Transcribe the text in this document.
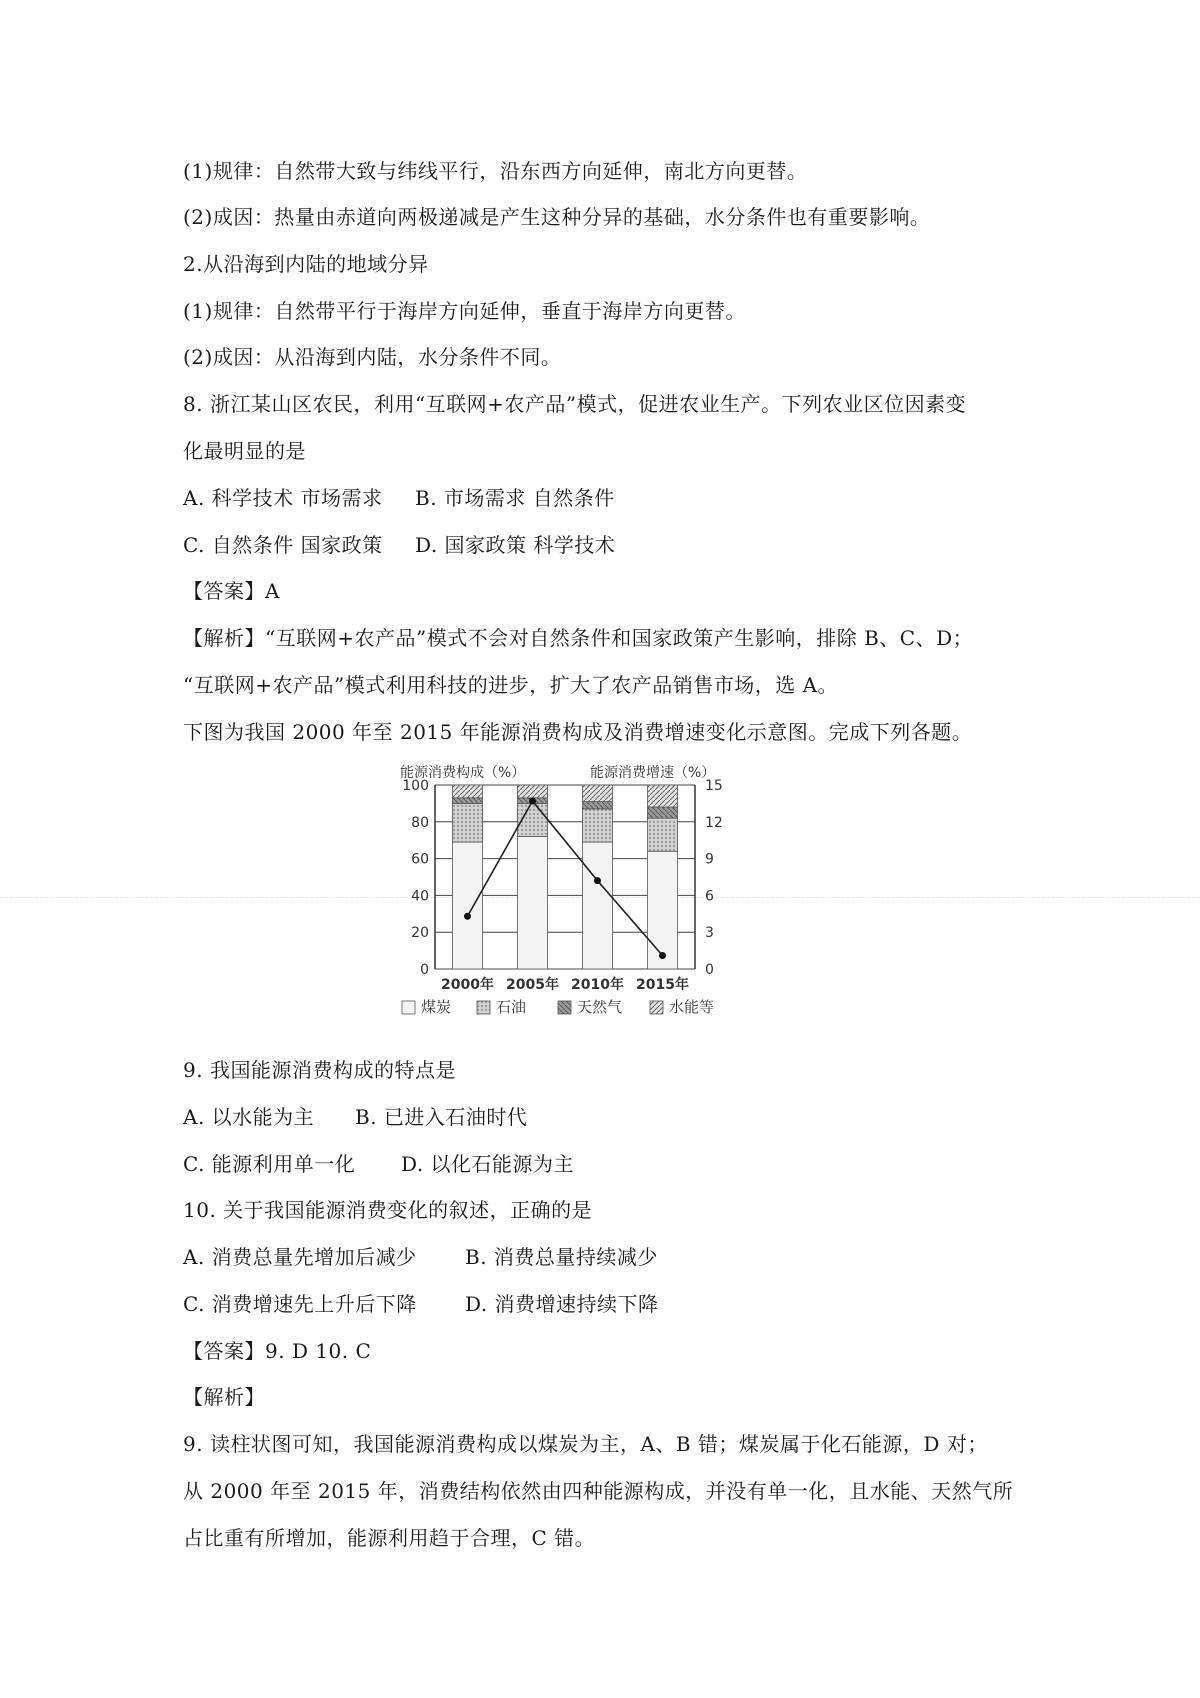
(1)规律：自然带大致与纬线平行，沿东西方向延伸，南北方向更替。
(2)成因：热量由赤道向两极递减是产生这种分异的基础，水分条件也有重要影响。
2.从沿海到内陆的地域分异
(1)规律：自然带平行于海岸方向延伸，垂直于海岸方向更替。
(2)成因：从沿海到内陆，水分条件不同。
8. 浙江某山区农民，利用“互联网+农产品”模式，促进农业生产。下列农业区位因素变
化最明显的是
A. 科学技术 市场需求 B. 市场需求 自然条件
C. 自然条件 国家政策 D. 国家政策 科学技术
【答案】A
【解析】“互联网+农产品”模式不会对自然条件和国家政策产生影响，排除 B、C、D；
“互联网+农产品”模式利用科技的进步，扩大了农产品销售市场，选 A。
下图为我国 2000 年至 2015 年能源消费构成及消费增速变化示意图。完成下列各题。
能源消费构成（%）	能源消费增速（%）
0
20
40
60
80
100
0
3
6
9
12
15
2000年 2005年 2010年 2015年
煤炭	石油	天然气	水能等
9. 我国能源消费构成的特点是
A. 以水能为主 B. 已进入石油时代
C. 能源利用单一化 D. 以化石能源为主
10. 关于我国能源消费变化的叙述，正确的是
A. 消费总量先增加后减少 B. 消费总量持续减少
C. 消费增速先上升后下降 D. 消费增速持续下降
【答案】9. D 10. C
【解析】
9. 读柱状图可知，我国能源消费构成以煤炭为主，A、B 错；煤炭属于化石能源，D 对；
从 2000 年至 2015 年，消费结构依然由四种能源构成，并没有单一化，且水能、天然气所
占比重有所增加，能源利用趋于合理，C 错。
